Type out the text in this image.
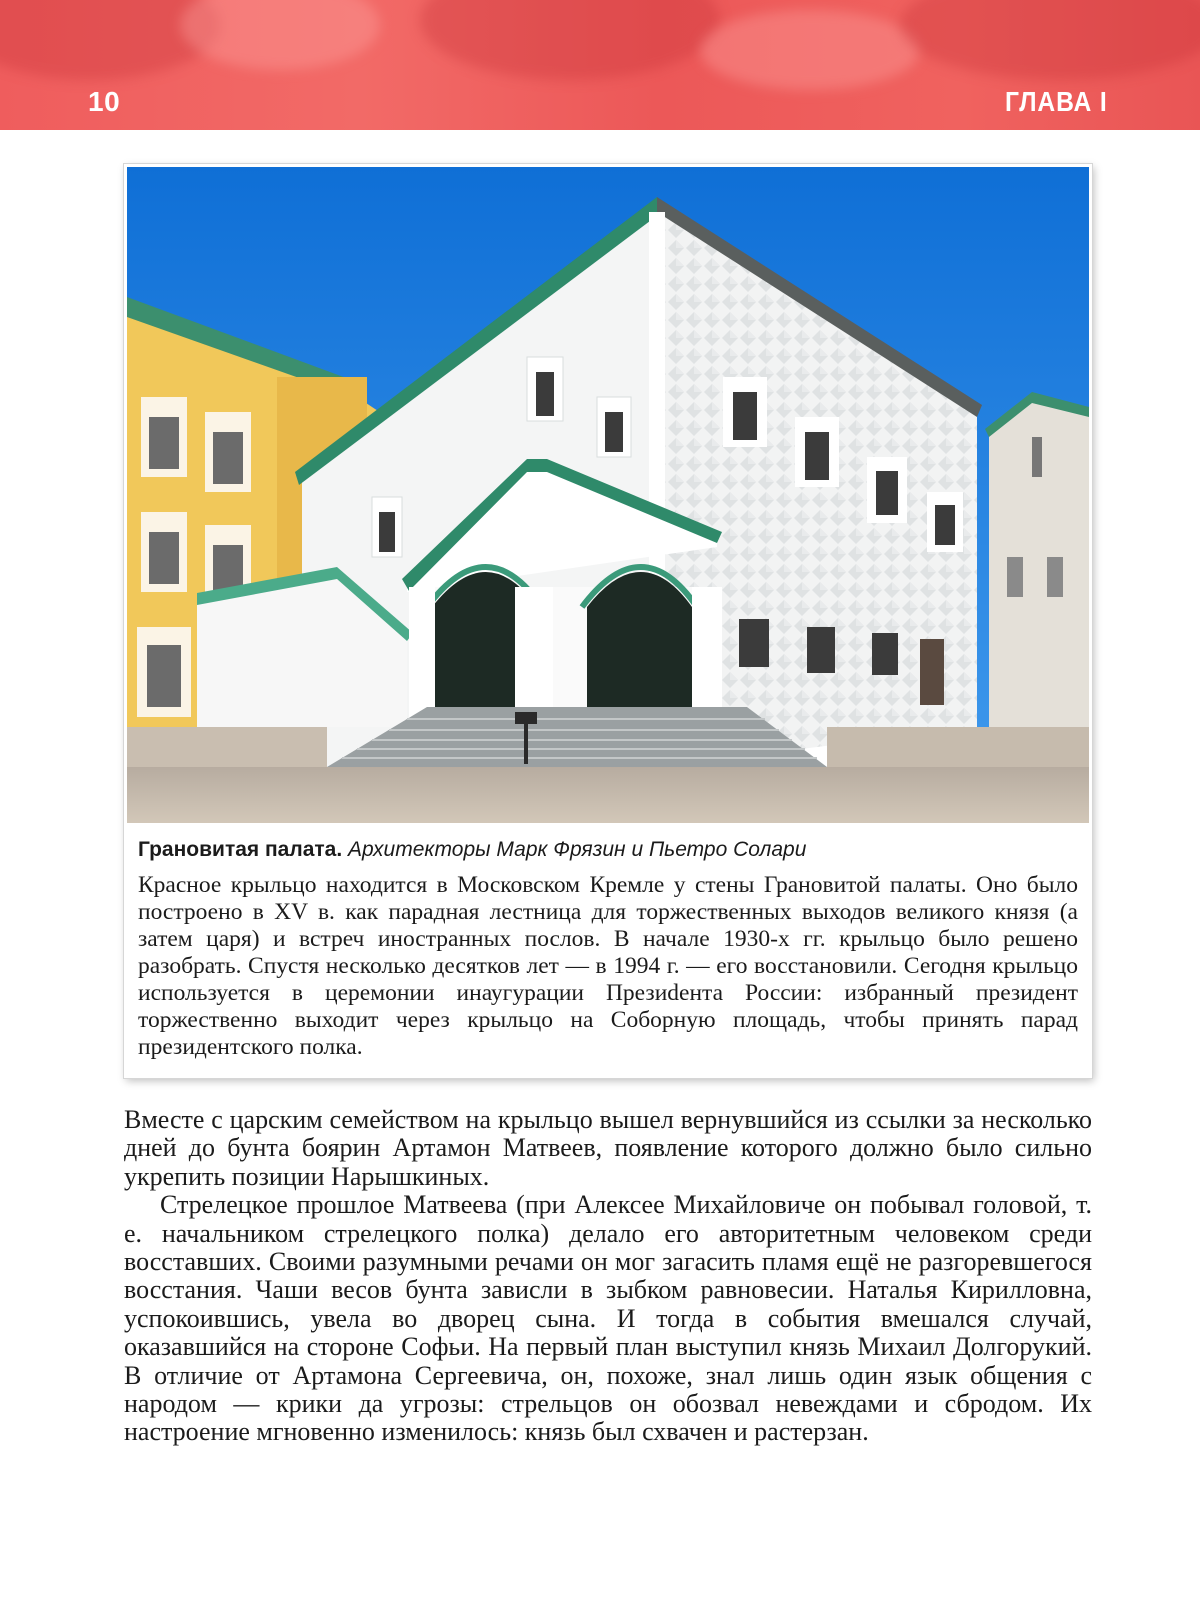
10	ГЛАВА I

Грановитая палата. Архитекторы Марк Фрязин и Пьетро Солари

Красное крыльцо находится в Московском Кремле у стены Грановитой палаты. Оно было построено в XV в. как парадная лестница для торжественных выходов великого князя (а затем царя) и встреч иностранных послов. В начале 1930-х гг. крыльцо было решено разобрать. Спустя несколько десятков лет — в 1994 г. — его восстановили. Сегодня крыльцо используется в церемонии инаугурации Презиdента России: избранный президент торжественно выходит через крыльцо на Соборную площадь, чтобы принять парад президентского полка.

Вместе с царским семейством на крыльцо вышел вернувшийся из ссылки за несколько дней до бунта боярин Артамон Матвеев, появление которого должно было сильно укрепить позиции Нарышкиных.

Стрелецкое прошлое Матвеева (при Алексее Михайловиче он побывал головой, т. е. начальником стрелецкого полка) делало его авторитетным человеком среди восставших. Своими разумными речами он мог загасить пламя ещё не разгоревшегося восстания. Чаши весов бунта зависли в зыбком равновесии. Наталья Кирилловна, успокоившись, увела во дворец сына. И тогда в события вмешался случай, оказавшийся на стороне Софьи. На первый план выступил князь Михаил Долгорукий. В отличие от Артамона Сергеевича, он, похоже, знал лишь один язык общения с народом — крики да угрозы: стрельцов он обозвал невеждами и сбродом. Их настроение мгновенно изменилось: князь был схвачен и растерзан.
